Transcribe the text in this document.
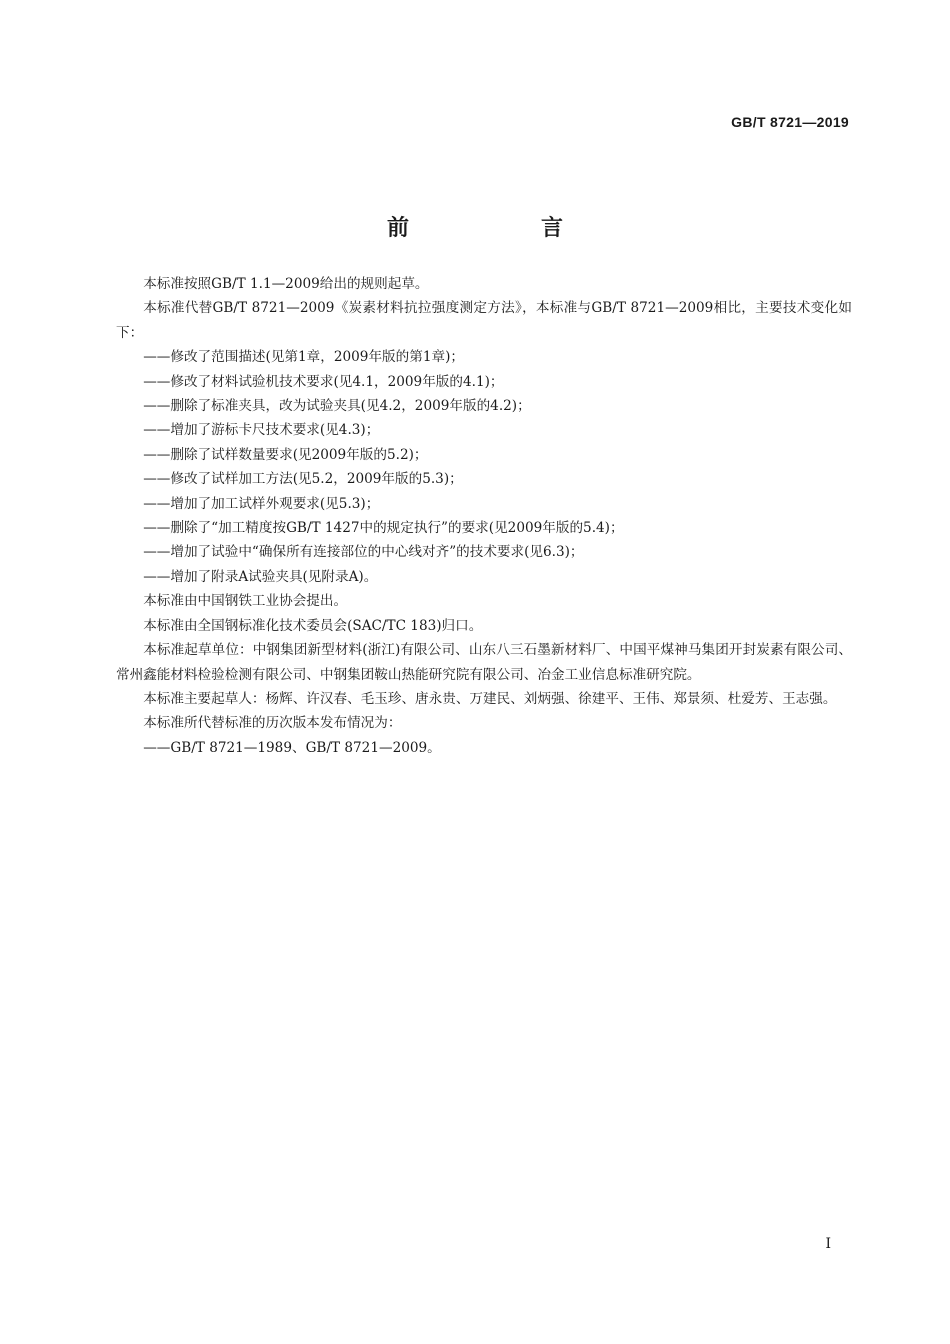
GB/T 8721—2019
前　言

本标准按照GB/T 1.1—2009给出的规则起草。

本标准代替GB/T 8721—2009《炭素材料抗拉强度测定方法》，本标准与GB/T 8721—2009相比，主要技术变化如下：

——修改了范围描述(见第1章，2009年版的第1章)；

——修改了材料试验机技术要求(见4.1，2009年版的4.1)；

——删除了标准夹具，改为试验夹具(见4.2，2009年版的4.2)；

——增加了游标卡尺技术要求(见4.3)；

——删除了试样数量要求(见2009年版的5.2)；

——修改了试样加工方法(见5.2，2009年版的5.3)；

——增加了加工试样外观要求(见5.3)；

——删除了“加工精度按GB/T 1427中的规定执行”的要求(见2009年版的5.4)；

——增加了试验中“确保所有连接部位的中心线对齐”的技术要求(见6.3)；

——增加了附录A试验夹具(见附录A)。

本标准由中国钢铁工业协会提出。

本标准由全国钢标准化技术委员会(SAC/TC 183)归口。

本标准起草单位：中钢集团新型材料(浙江)有限公司、山东八三石墨新材料厂、中国平煤神马集团开封炭素有限公司、常州鑫能材料检验检测有限公司、中钢集团鞍山热能研究院有限公司、冶金工业信息标准研究院。

本标准主要起草人：杨辉、许汉春、毛玉珍、唐永贵、万建民、刘炳强、徐建平、王伟、郑景须、杜爱芳、王志强。

本标准所代替标准的历次版本发布情况为：

——GB/T 8721—1989、GB/T 8721—2009。

I
